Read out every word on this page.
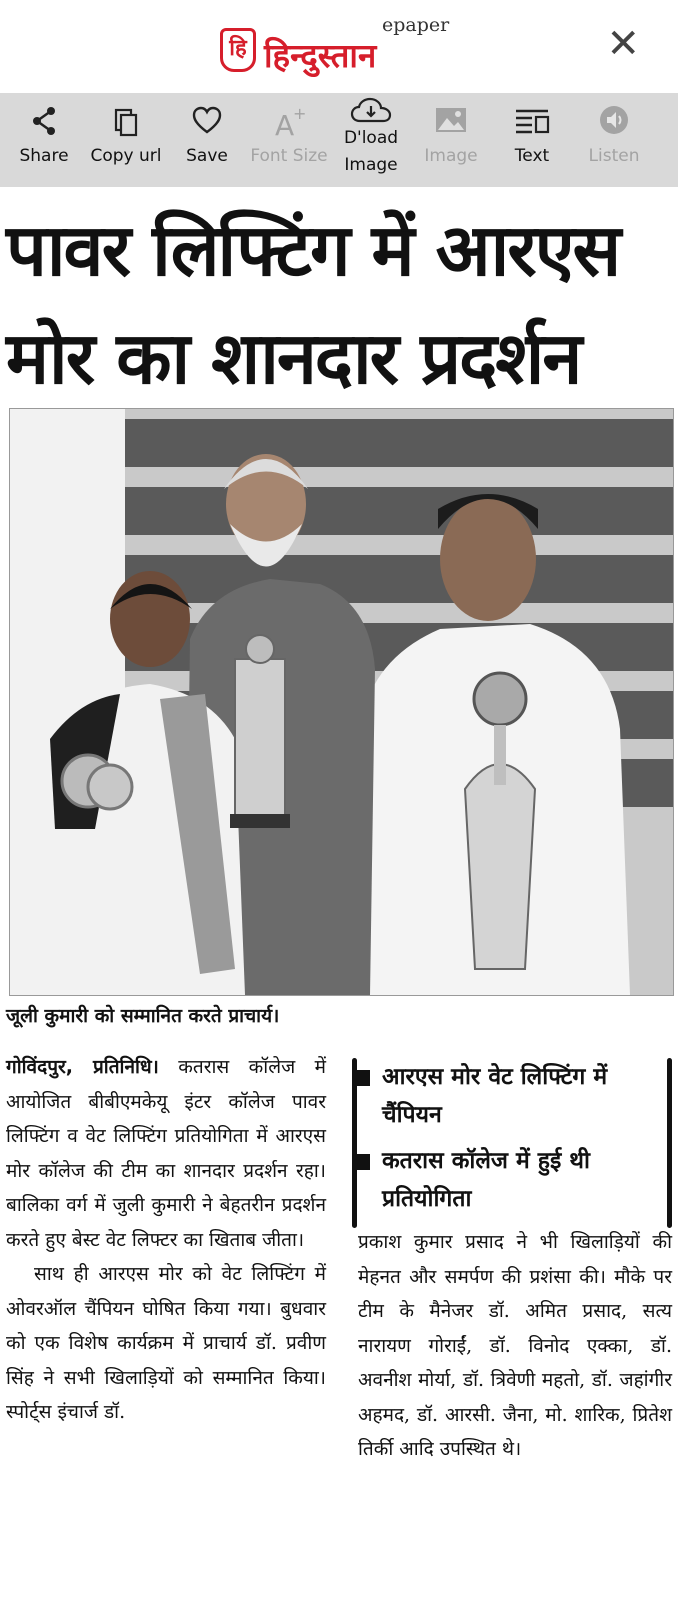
हि
epaper
हिन्दुस्तान	✕
Share	Copy url Save
A
+
Font Size
D'load Image	Image	Text	Listen
पावर लिफ्टिंग में आरएस
मोर का शानदार प्रदर्शन
जूली कुमारी को सम्मानित करते प्राचार्य।
गोविंदपुर, प्रतिनिधि। कतरास कॉलेज में आयोजित बीबीएमकेयू इंटर कॉलेज पावर लिफ्टिंग व वेट लिफ्टिंग प्रतियोगिता में आरएस मोर कॉलेज की टीम का शानदार प्रदर्शन रहा। बालिका वर्ग में जुली कुमारी ने बेहतरीन प्रदर्शन करते हुए बेस्ट वेट लिफ्टर का खिताब जीता।
साथ ही आरएस मोर को वेट लिफ्टिंग में ओवरऑल चैंपियन घोषित किया गया। बुधवार को एक विशेष कार्यक्रम में प्राचार्य डॉ. प्रवीण सिंह ने सभी खिलाड़ियों को सम्मानित किया। स्पोर्ट्स इंचार्ज डॉ.
आरएस मोर वेट लिफ्टिंग में चैंपियन
कतरास कॉलेज में हुई थी प्रतियोगिता
प्रकाश कुमार प्रसाद ने भी खिलाड़ियों की मेहनत और समर्पण की प्रशंसा की। मौके पर टीम के मैनेजर डॉ. अमित प्रसाद, सत्य नारायण गोराईं, डॉ. विनोद एक्का, डॉ. अवनीश मोर्या, डॉ. त्रिवेणी महतो, डॉ. जहांगीर अहमद, डॉ. आरसी. जैना, मो. शारिक, प्रितेश तिर्की आदि उपस्थित थे।
